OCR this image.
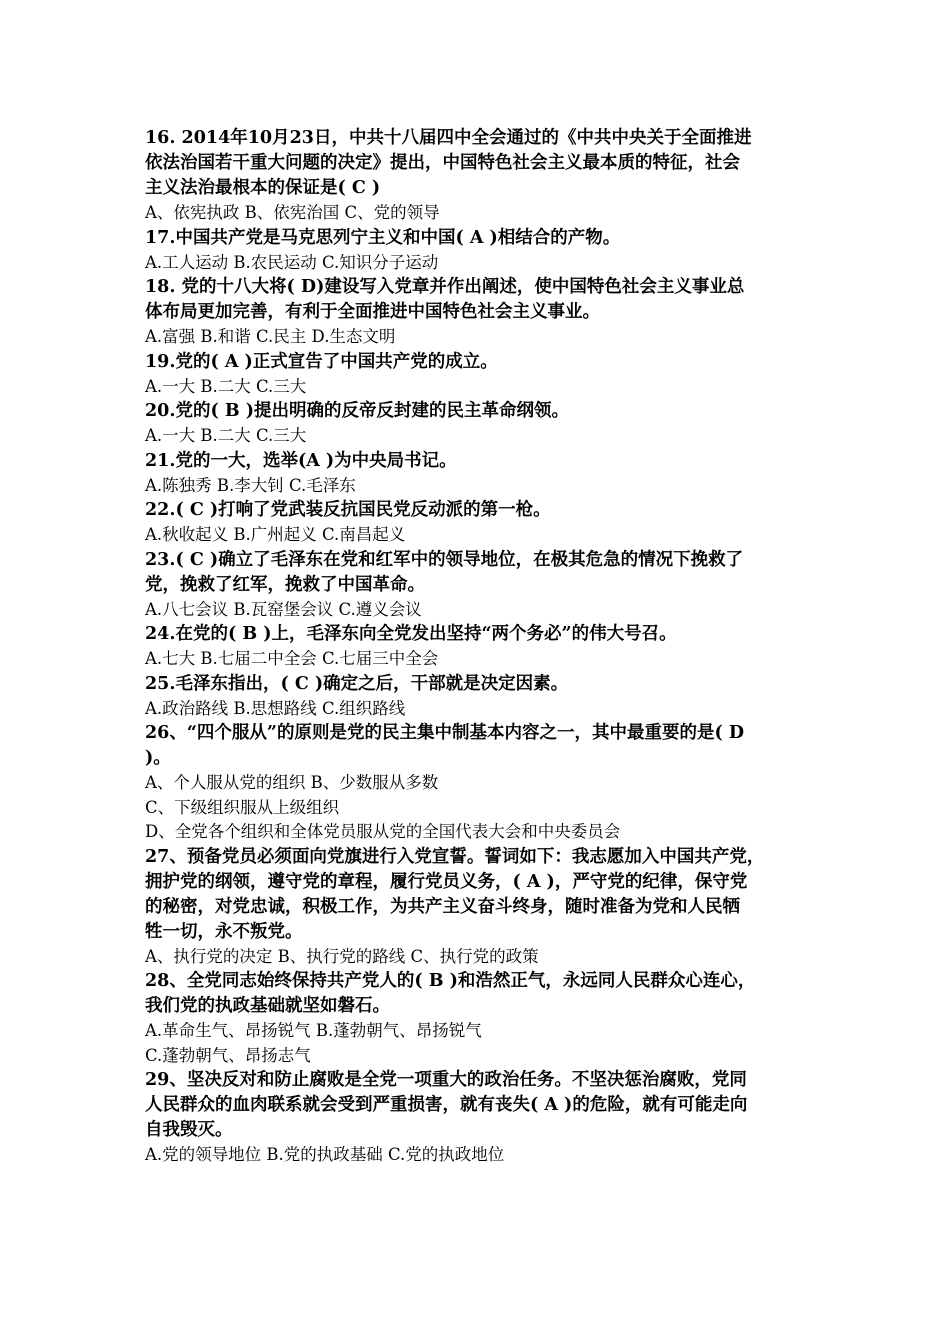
16. 2014年10月23日，中共十八届四中全会通过的《中共中央关于全面推进
依法治国若干重大问题的决定》提出，中国特色社会主义最本质的特征，社会
主义法治最根本的保证是( C )
A、依宪执政 B、依宪治国 C、党的领导
17.中国共产党是马克思列宁主义和中国( A )相结合的产物。
A.工人运动 B.农民运动 C.知识分子运动
18. 党的十八大将( D)建设写入党章并作出阐述，使中国特色社会主义事业总
体布局更加完善，有利于全面推进中国特色社会主义事业。
A.富强 B.和谐 C.民主 D.生态文明
19.党的( A )正式宣告了中国共产党的成立。
A.一大 B.二大 C.三大
20.党的( B )提出明确的反帝反封建的民主革命纲领。
A.一大 B.二大 C.三大
21.党的一大，选举(A )为中央局书记。
A.陈独秀 B.李大钊 C.毛泽东
22.( C )打响了党武装反抗国民党反动派的第一枪。
A.秋收起义 B.广州起义 C.南昌起义
23.( C )确立了毛泽东在党和红军中的领导地位，在极其危急的情况下挽救了
党，挽救了红军，挽救了中国革命。
A.八七会议 B.瓦窑堡会议 C.遵义会议
24.在党的( B )上，毛泽东向全党发出坚持“两个务必”的伟大号召。
A.七大 B.七届二中全会 C.七届三中全会
25.毛泽东指出，( C )确定之后，干部就是决定因素。
A.政治路线 B.思想路线 C.组织路线
26、“四个服从”的原则是党的民主集中制基本内容之一，其中最重要的是( D
)。
A、个人服从党的组织 B、少数服从多数
C、下级组织服从上级组织
D、全党各个组织和全体党员服从党的全国代表大会和中央委员会
27、预备党员必须面向党旗进行入党宣誓。誓词如下：我志愿加入中国共产党，
拥护党的纲领，遵守党的章程，履行党员义务，( A )，严守党的纪律，保守党
的秘密，对党忠诚，积极工作，为共产主义奋斗终身，随时准备为党和人民牺
牲一切，永不叛党。
A、执行党的决定 B、执行党的路线 C、执行党的政策
28、全党同志始终保持共产党人的( B )和浩然正气，永远同人民群众心连心，
我们党的执政基础就坚如磐石。
A.革命生气、昂扬锐气 B.蓬勃朝气、昂扬锐气
C.蓬勃朝气、昂扬志气
29、坚决反对和防止腐败是全党一项重大的政治任务。不坚决惩治腐败，党同
人民群众的血肉联系就会受到严重损害，就有丧失( A )的危险，就有可能走向
自我毁灭。
A.党的领导地位 B.党的执政基础 C.党的执政地位
